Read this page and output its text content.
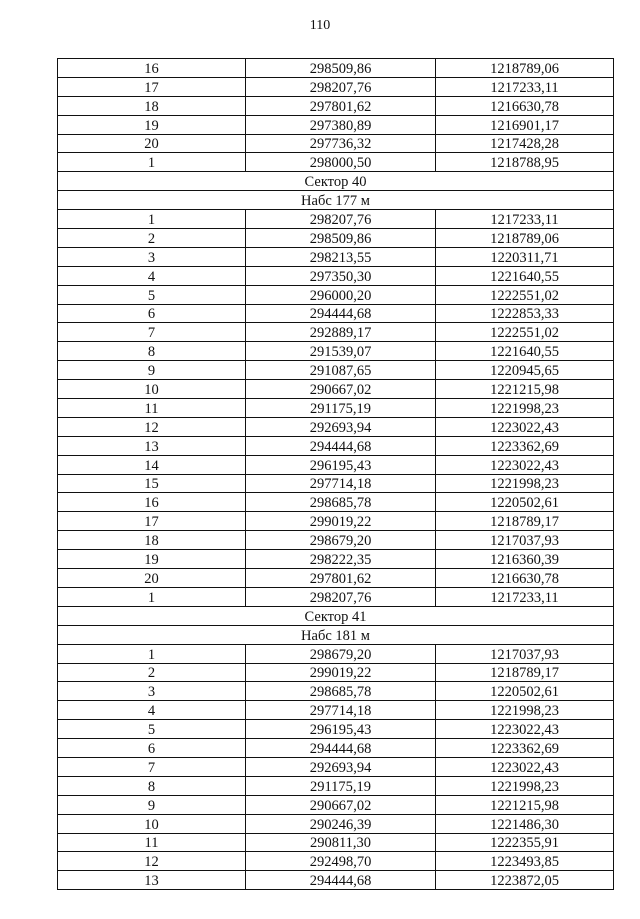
110
16	298509,86	1218789,06
17	298207,76	1217233,11
18	297801,62	1216630,78
19	297380,89	1216901,17
20	297736,32	1217428,28
1	298000,50	1218788,95
Сектор 40		
Набс 177 м		
1	298207,76	1217233,11
2	298509,86	1218789,06
3	298213,55	1220311,71
4	297350,30	1221640,55
5	296000,20	1222551,02
6	294444,68	1222853,33
7	292889,17	1222551,02
8	291539,07	1221640,55
9	291087,65	1220945,65
10	290667,02	1221215,98
11	291175,19	1221998,23
12	292693,94	1223022,43
13	294444,68	1223362,69
14	296195,43	1223022,43
15	297714,18	1221998,23
16	298685,78	1220502,61
17	299019,22	1218789,17
18	298679,20	1217037,93
19	298222,35	1216360,39
20	297801,62	1216630,78
1	298207,76	1217233,11
Сектор 41		
Набс 181 м		
1	298679,20	1217037,93
2	299019,22	1218789,17
3	298685,78	1220502,61
4	297714,18	1221998,23
5	296195,43	1223022,43
6	294444,68	1223362,69
7	292693,94	1223022,43
8	291175,19	1221998,23
9	290667,02	1221215,98
10	290246,39	1221486,30
11	290811,30	1222355,91
12	292498,70	1223493,85
13	294444,68	1223872,05
